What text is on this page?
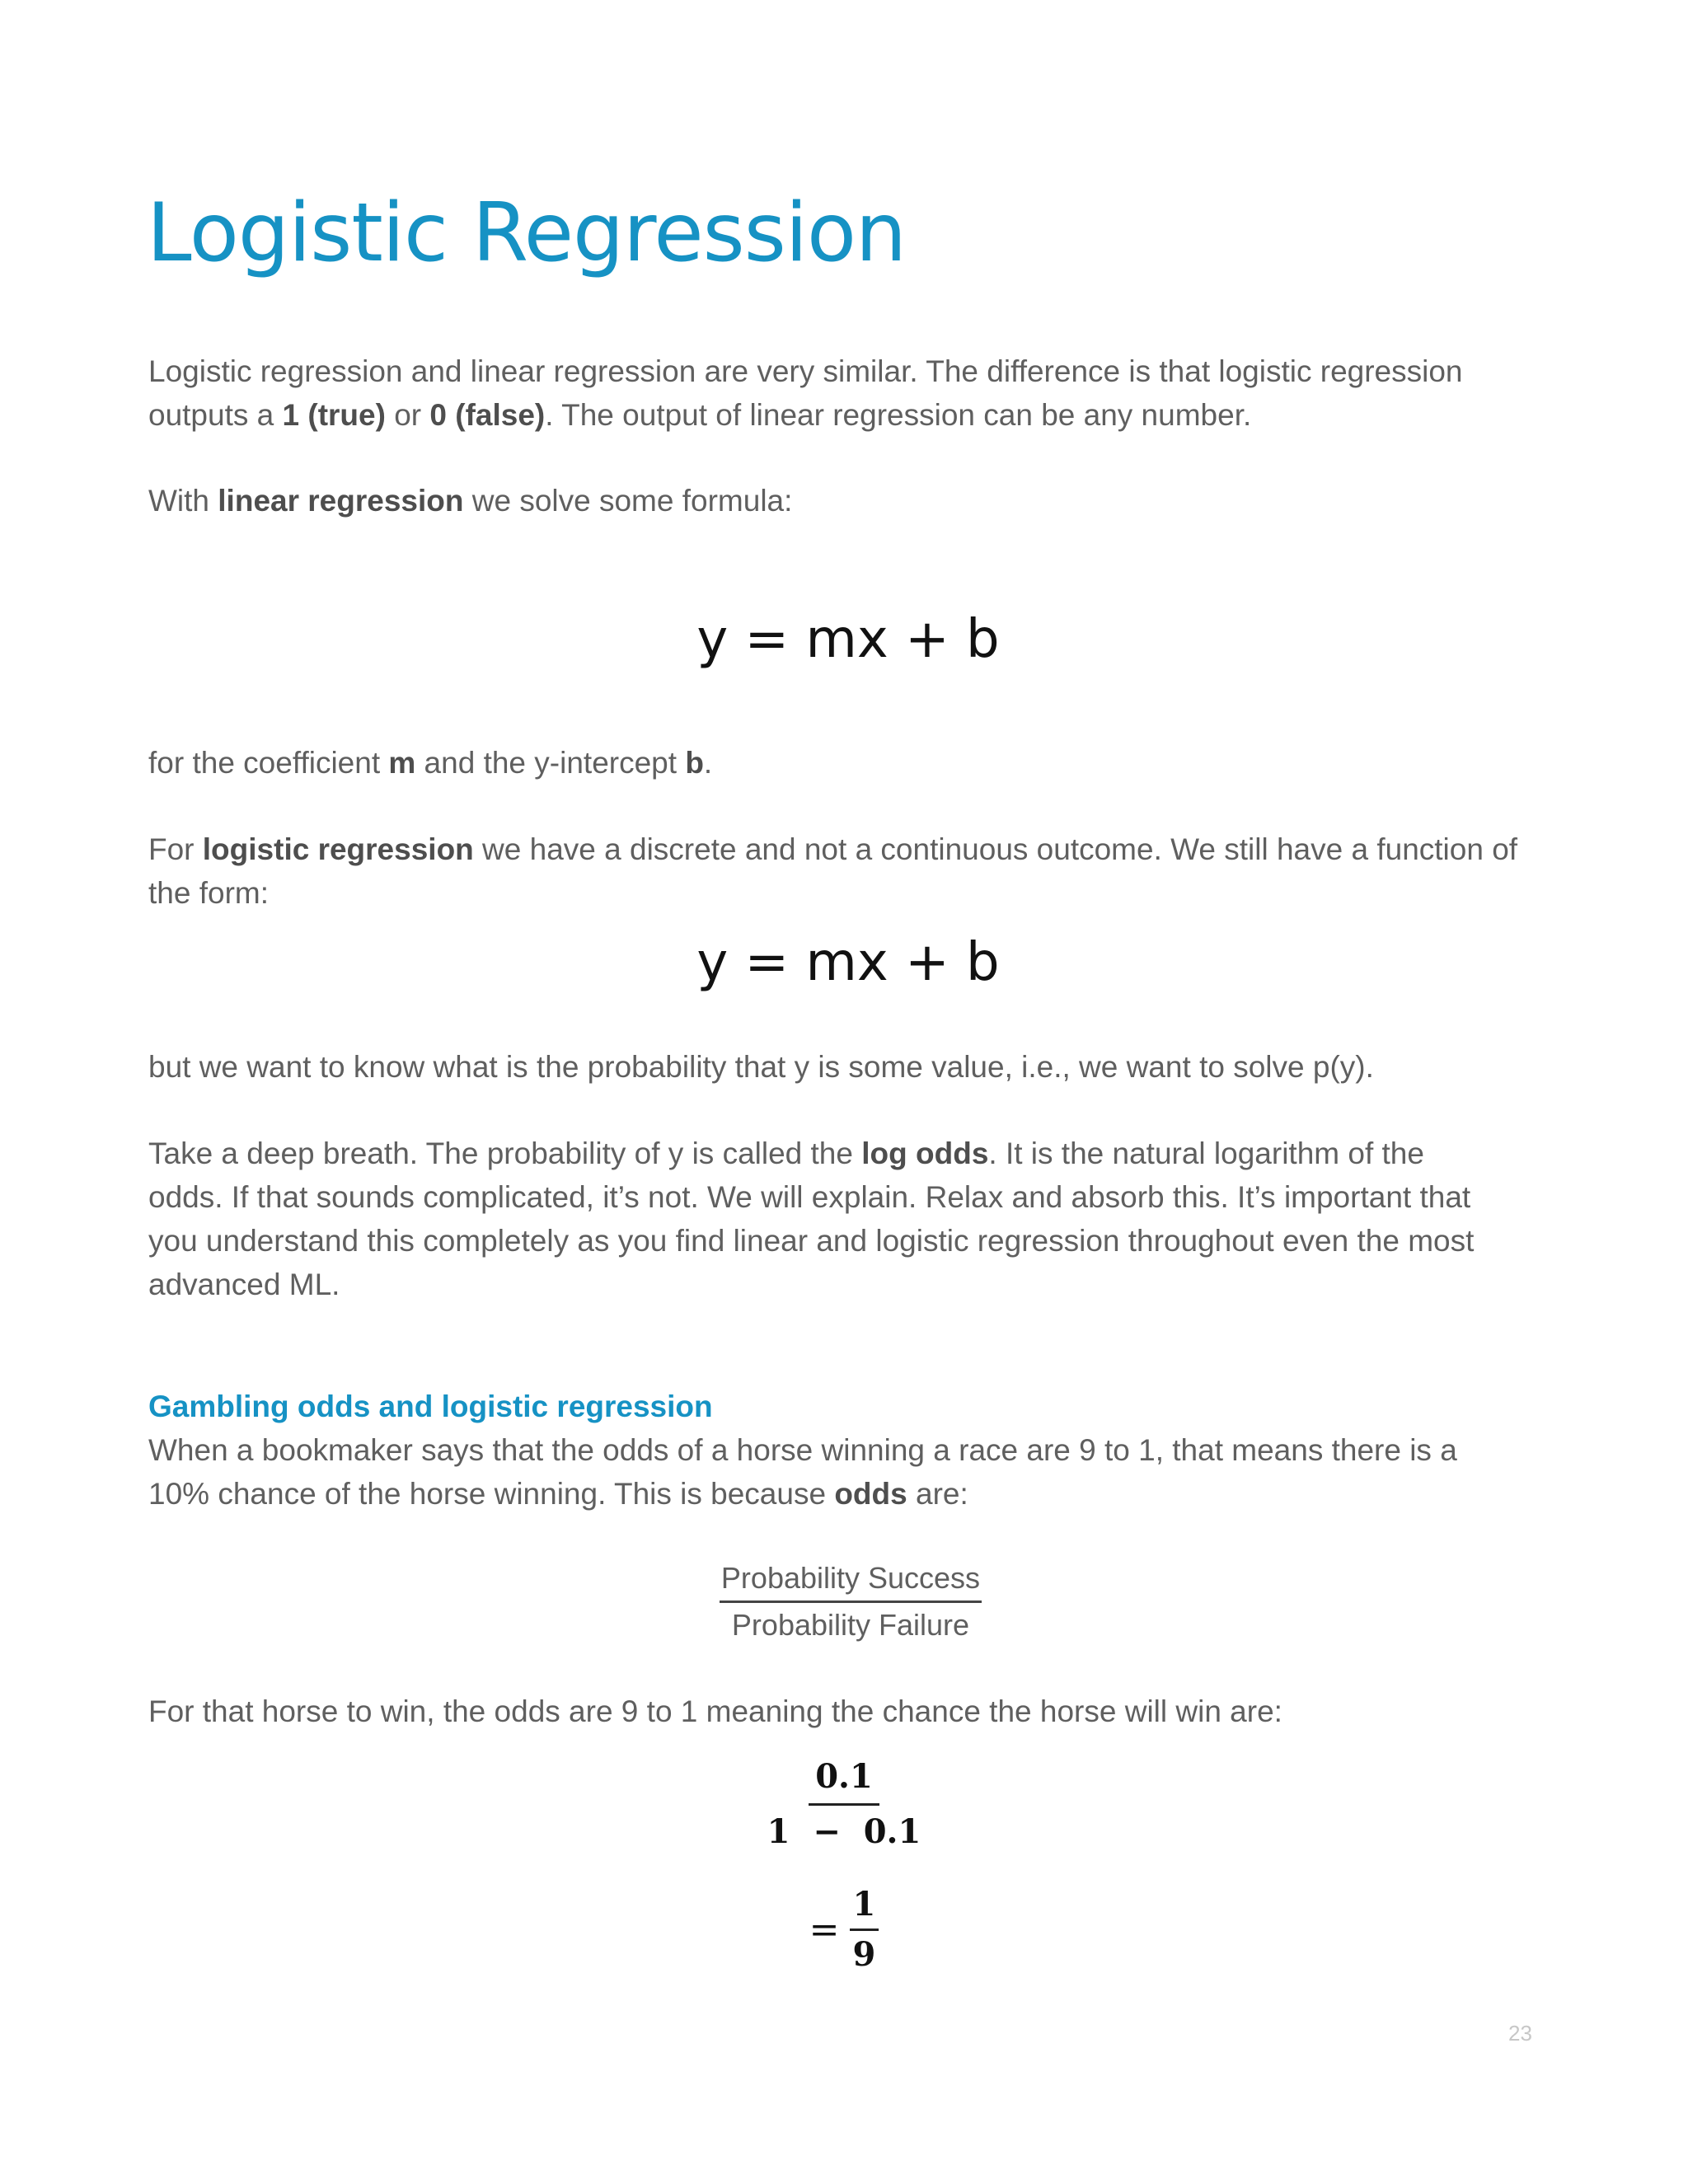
Logistic Regression

Logistic regression and linear regression are very similar. The difference is that logistic regression outputs a 1 (true) or 0 (false). The output of linear regression can be any number.

With linear regression we solve some formula:

y = mx + b

for the coefficient m and the y-intercept b.

For logistic regression we have a discrete and not a continuous outcome. We still have a function of the form:

y = mx + b

but we want to know what is the probability that y is some value, i.e., we want to solve p(y).

Take a deep breath. The probability of y is called the log odds. It is the natural logarithm of the odds. If that sounds complicated, it’s not. We will explain. Relax and absorb this. It’s important that you understand this completely as you find linear and logistic regression throughout even the most advanced ML.

Gambling odds and logistic regression

When a bookmaker says that the odds of a horse winning a race are 9 to 1, that means there is a 10% chance of the horse winning. This is because odds are:

$\frac{\text{Probability Success}}{\text{Probability Failure}}$

For that horse to win, the odds are 9 to 1 meaning the chance the horse will win are:

$\frac{0.1}{1 - 0.1}$
= $\frac{1}{9}$
23
